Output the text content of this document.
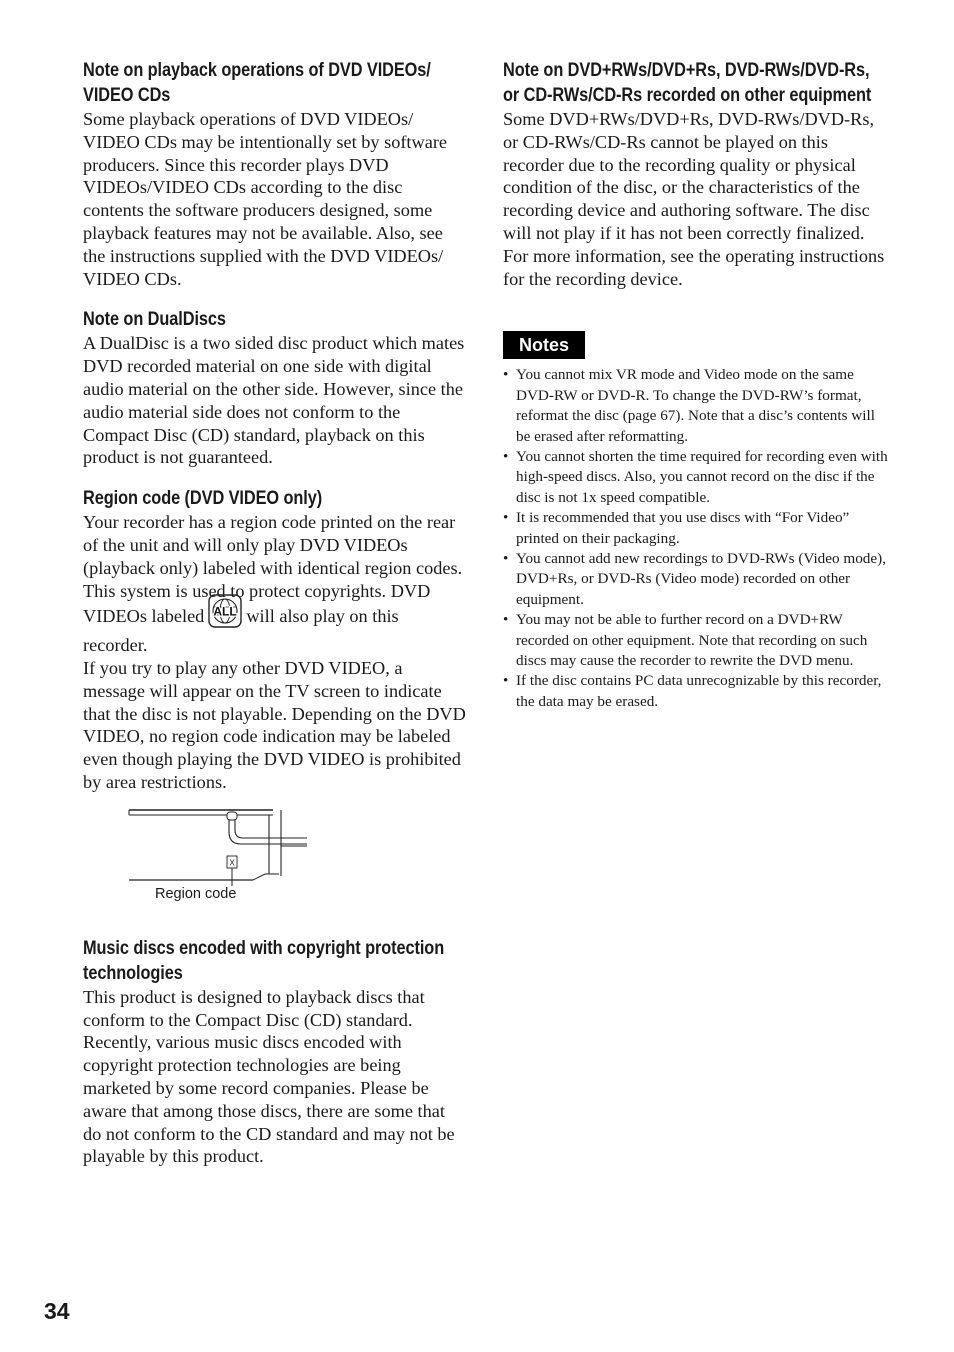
Note on playback operations of DVD VIDEOs/ VIDEO CDs

Some playback operations of DVD VIDEOs/ VIDEO CDs may be intentionally set by software producers. Since this recorder plays DVD VIDEOs/VIDEO CDs according to the disc contents the software producers designed, some playback features may not be available. Also, see the instructions supplied with the DVD VIDEOs/ VIDEO CDs.

Note on DualDiscs

A DualDisc is a two sided disc product which mates DVD recorded material on one side with digital audio material on the other side. However, since the audio material side does not conform to the Compact Disc (CD) standard, playback on this product is not guaranteed.

Region code (DVD VIDEO only)

Your recorder has a region code printed on the rear of the unit and will only play DVD VIDEOs (playback only) labeled with identical region codes. This system is used to protect copyrights. DVD VIDEOs labeled ALL will also play on this recorder.

If you try to play any other DVD VIDEO, a message will appear on the TV screen to indicate that the disc is not playable. Depending on the DVD VIDEO, no region code indication may be labeled even though playing the DVD VIDEO is prohibited by area restrictions.

X
Region code
Music discs encoded with copyright protection technologies

This product is designed to playback discs that conform to the Compact Disc (CD) standard. Recently, various music discs encoded with copyright protection technologies are being marketed by some record companies. Please be aware that among those discs, there are some that do not conform to the CD standard and may not be playable by this product.

Note on DVD+RWs/DVD+Rs, DVD-RWs/DVD-Rs, or CD-RWs/CD-Rs recorded on other equipment

Some DVD+RWs/DVD+Rs, DVD-RWs/DVD-Rs, or CD-RWs/CD-Rs cannot be played on this recorder due to the recording quality or physical condition of the disc, or the characteristics of the recording device and authoring software. The disc will not play if it has not been correctly finalized. For more information, see the operating instructions for the recording device.

Notes
• You cannot mix VR mode and Video mode on the same DVD-RW or DVD-R. To change the DVD-RW’s format, reformat the disc (page 67). Note that a disc’s contents will be erased after reformatting.
• You cannot shorten the time required for recording even with high-speed discs. Also, you cannot record on the disc if the disc is not 1x speed compatible.
• It is recommended that you use discs with “For Video” printed on their packaging.
• You cannot add new recordings to DVD-RWs (Video mode), DVD+Rs, or DVD-Rs (Video mode) recorded on other equipment.
• You may not be able to further record on a DVD+RW recorded on other equipment. Note that recording on such discs may cause the recorder to rewrite the DVD menu.
• If the disc contains PC data unrecognizable by this recorder, the data may be erased.
34
